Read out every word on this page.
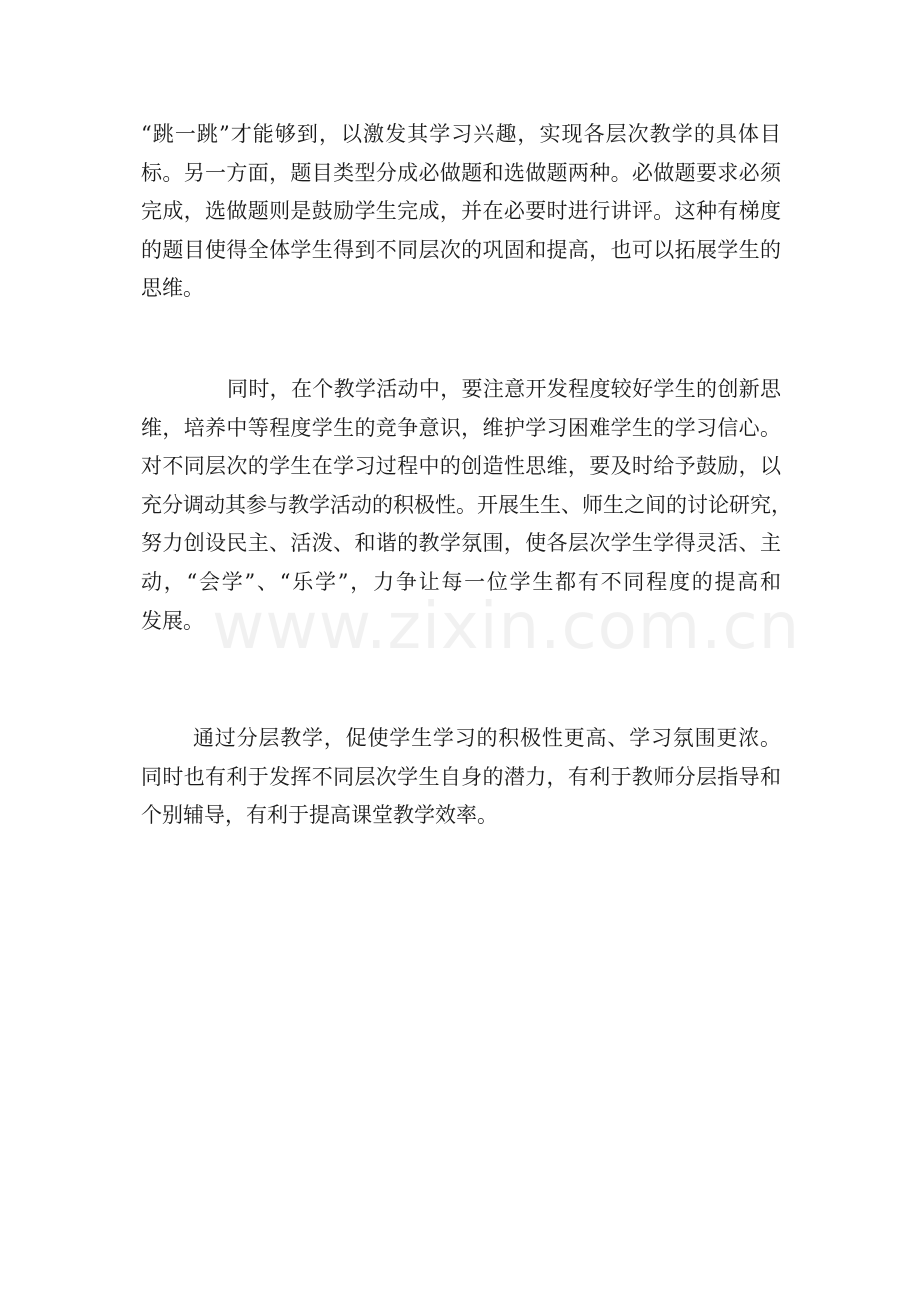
“跳一跳”才能够到，以激发其学习兴趣，实现各层次教学的具体目
标。另一方面，题目类型分成必做题和选做题两种。必做题要求必须
完成，选做题则是鼓励学生完成，并在必要时进行讲评。这种有梯度
的题目使得全体学生得到不同层次的巩固和提高，也可以拓展学生的
思维。
同时，在个教学活动中，要注意开发程度较好学生的创新思
维，培养中等程度学生的竞争意识，维护学习困难学生的学习信心。
对不同层次的学生在学习过程中的创造性思维，要及时给予鼓励，以
充分调动其参与教学活动的积极性。开展生生、师生之间的讨论研究，
努力创设民主、活泼、和谐的教学氛围，使各层次学生学得灵活、主
动，“会学”、“乐学”，力争让每一位学生都有不同程度的提高和
发展。
通过分层教学，促使学生学习的积极性更高、学习氛围更浓。
同时也有利于发挥不同层次学生自身的潜力，有利于教师分层指导和
个别辅导，有利于提高课堂教学效率。
www.zixin.com.cn
